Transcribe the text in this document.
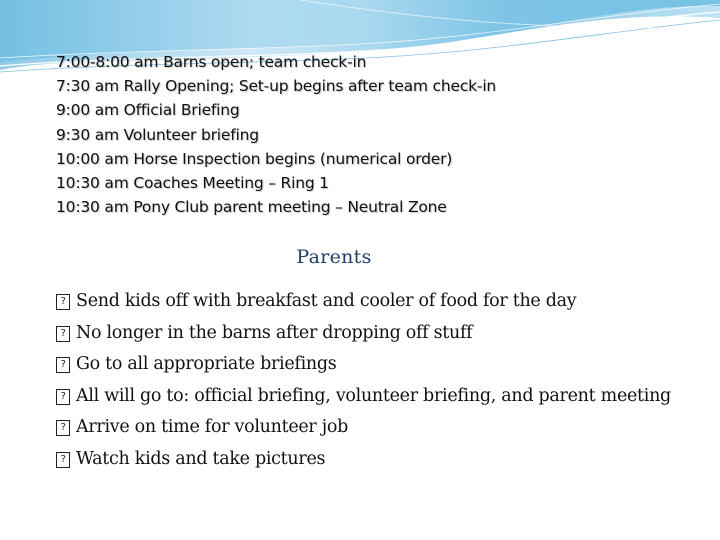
7:00-8:00 am Barns open; team check-in
7:30 am Rally Opening; Set-up begins after team check-in
9:00 am Official Briefing
9:30 am Volunteer briefing
10:00 am Horse Inspection begins (numerical order)
10:30 am Coaches Meeting – Ring 1
10:30 am Pony Club parent meeting – Neutral Zone
Parents
? Send kids off with breakfast and cooler of food for the day
? No longer in the barns after dropping off stuff
? Go to all appropriate briefings
? All will go to: official briefing, volunteer briefing, and parent meeting
? Arrive on time for volunteer job
? Watch kids and take pictures
